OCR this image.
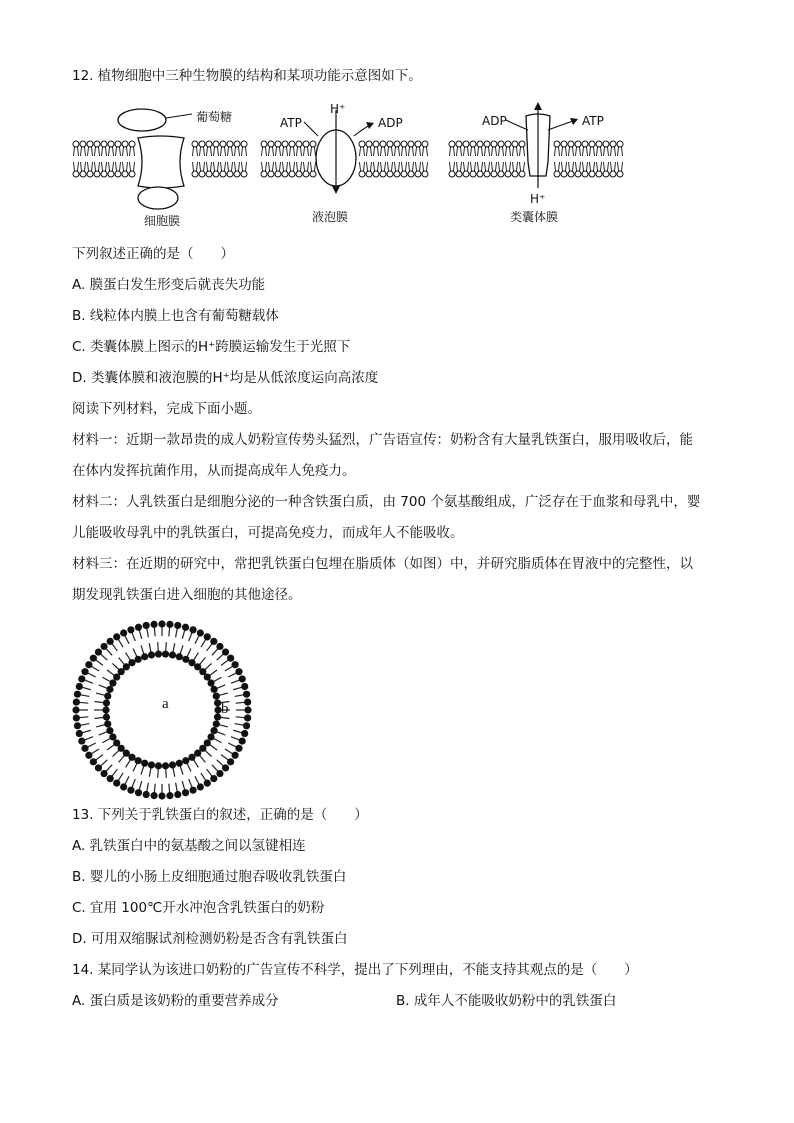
12. 植物细胞中三种生物膜的结构和某项功能示意图如下。
葡萄糖
细胞膜
H⁺
ATP	ADP
液泡膜
ADP	ATP
H⁺
类囊体膜
下列叙述正确的是（　　）
A. 膜蛋白发生形变后就丧失功能
B. 线粒体内膜上也含有葡萄糖载体
C. 类囊体膜上图示的H⁺跨膜运输发生于光照下
D. 类囊体膜和液泡膜的H⁺均是从低浓度运向高浓度
阅读下列材料，完成下面小题。
材料一：近期一款昂贵的成人奶粉宣传势头猛烈，广告语宣传：奶粉含有大量乳铁蛋白，服用吸收后，能
在体内发挥抗菌作用，从而提高成年人免疫力。
材料二：人乳铁蛋白是细胞分泌的一种含铁蛋白质，由 700 个氨基酸组成，广泛存在于血浆和母乳中，婴
儿能吸收母乳中的乳铁蛋白，可提高免疫力，而成年人不能吸收。
材料三：在近期的研究中，常把乳铁蛋白包埋在脂质体（如图）中，并研究脂质体在胃液中的完整性，以
期发现乳铁蛋白进入细胞的其他途径。
a	b
13. 下列关于乳铁蛋白的叙述，正确的是（　　）
A. 乳铁蛋白中的氨基酸之间以氢键相连
B. 婴儿的小肠上皮细胞通过胞吞吸收乳铁蛋白
C. 宜用 100℃开水冲泡含乳铁蛋白的奶粉
D. 可用双缩脲试剂检测奶粉是否含有乳铁蛋白
14. 某同学认为该进口奶粉的广告宣传不科学，提出了下列理由，不能支持其观点的是（　　）
A. 蛋白质是该奶粉的重要营养成分	B. 成年人不能吸收奶粉中的乳铁蛋白
